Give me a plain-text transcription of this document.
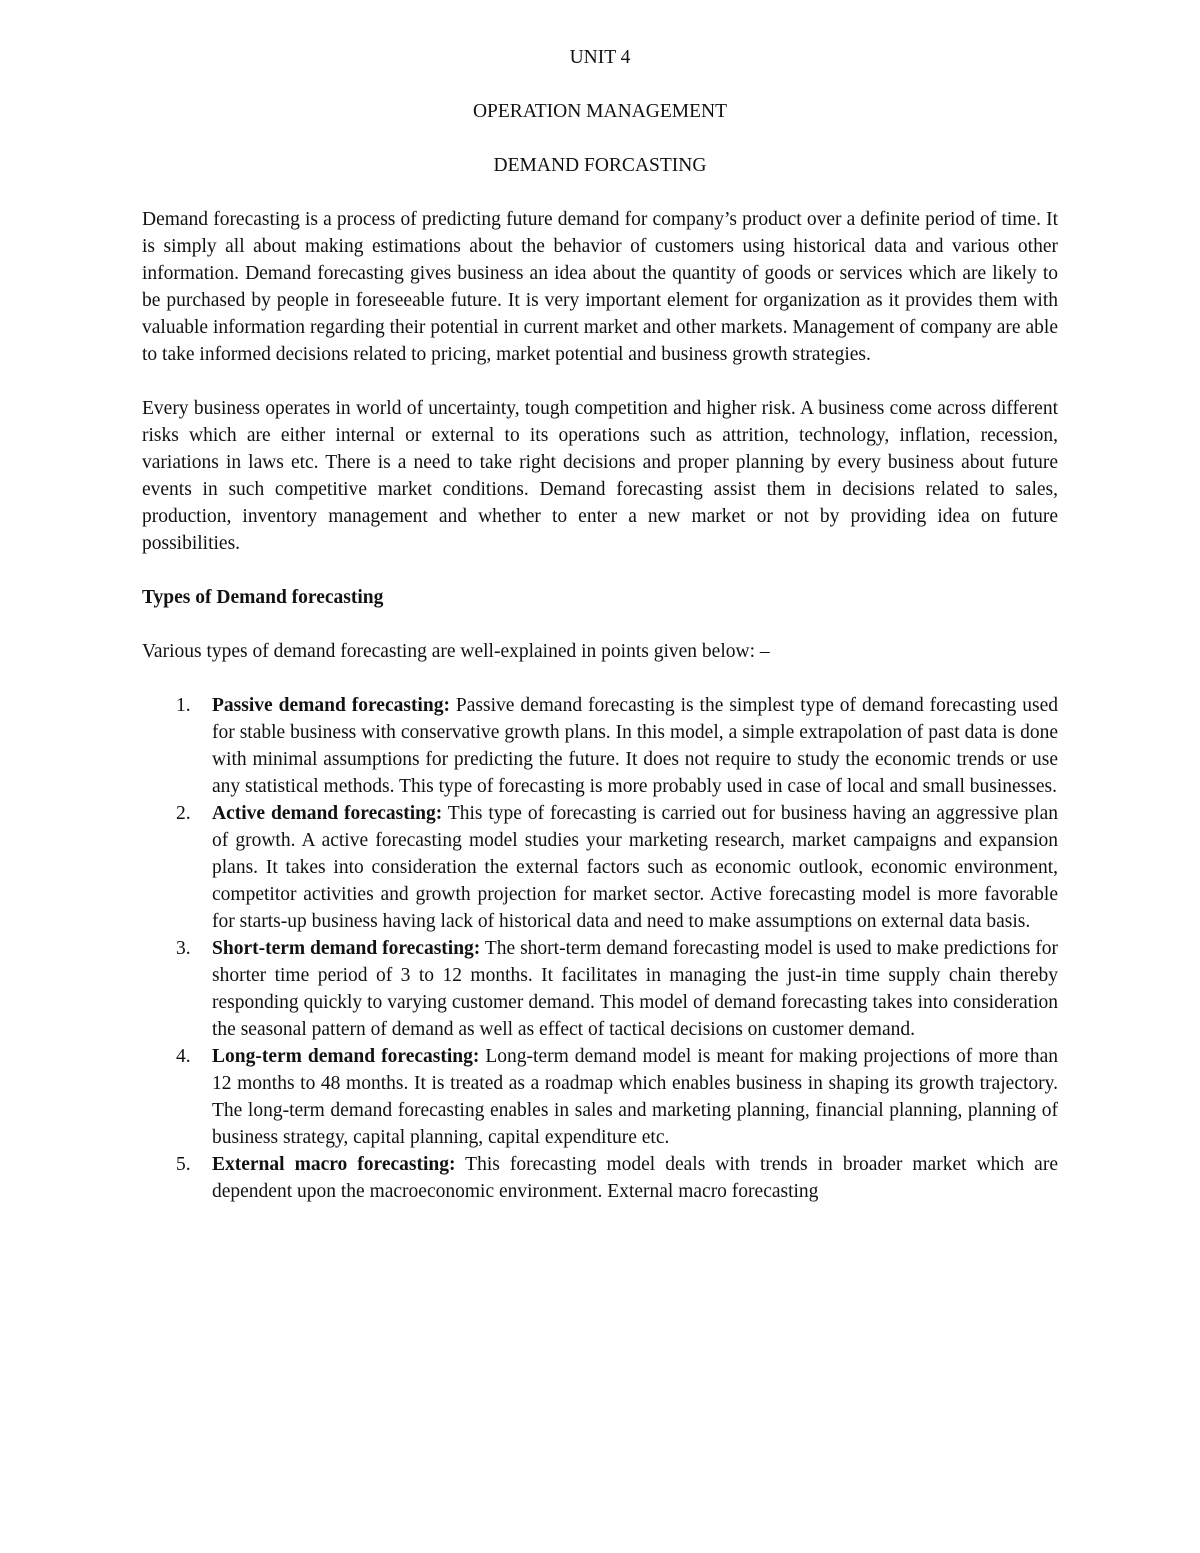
UNIT 4

OPERATION MANAGEMENT

DEMAND FORCASTING

Demand forecasting is a process of predicting future demand for company’s product over a definite period of time. It is simply all about making estimations about the behavior of customers using historical data and various other information. Demand forecasting gives business an idea about the quantity of goods or services which are likely to be purchased by people in foreseeable future. It is very important element for organization as it provides them with valuable information regarding their potential in current market and other markets. Management of company are able to take informed decisions related to pricing, market potential and business growth strategies.

Every business operates in world of uncertainty, tough competition and higher risk. A business come across different risks which are either internal or external to its operations such as attrition, technology, inflation, recession, variations in laws etc. There is a need to take right decisions and proper planning by every business about future events in such competitive market conditions. Demand forecasting assist them in decisions related to sales, production, inventory management and whether to enter a new market or not by providing idea on future possibilities.

Types of Demand forecasting

Various types of demand forecasting are well-explained in points given below: –

1. Passive demand forecasting: Passive demand forecasting is the simplest type of demand forecasting used for stable business with conservative growth plans. In this model, a simple extrapolation of past data is done with minimal assumptions for predicting the future. It does not require to study the economic trends or use any statistical methods. This type of forecasting is more probably used in case of local and small businesses.
2. Active demand forecasting: This type of forecasting is carried out for business having an aggressive plan of growth. A active forecasting model studies your marketing research, market campaigns and expansion plans. It takes into consideration the external factors such as economic outlook, economic environment, competitor activities and growth projection for market sector. Active forecasting model is more favorable for starts-up business having lack of historical data and need to make assumptions on external data basis.
3. Short-term demand forecasting: The short-term demand forecasting model is used to make predictions for shorter time period of 3 to 12 months. It facilitates in managing the just-in time supply chain thereby responding quickly to varying customer demand. This model of demand forecasting takes into consideration the seasonal pattern of demand as well as effect of tactical decisions on customer demand.
4. Long-term demand forecasting: Long-term demand model is meant for making projections of more than 12 months to 48 months. It is treated as a roadmap which enables business in shaping its growth trajectory. The long-term demand forecasting enables in sales and marketing planning, financial planning, planning of business strategy, capital planning, capital expenditure etc.
5. External macro forecasting: This forecasting model deals with trends in broader market which are dependent upon the macroeconomic environment. External macro forecasting
